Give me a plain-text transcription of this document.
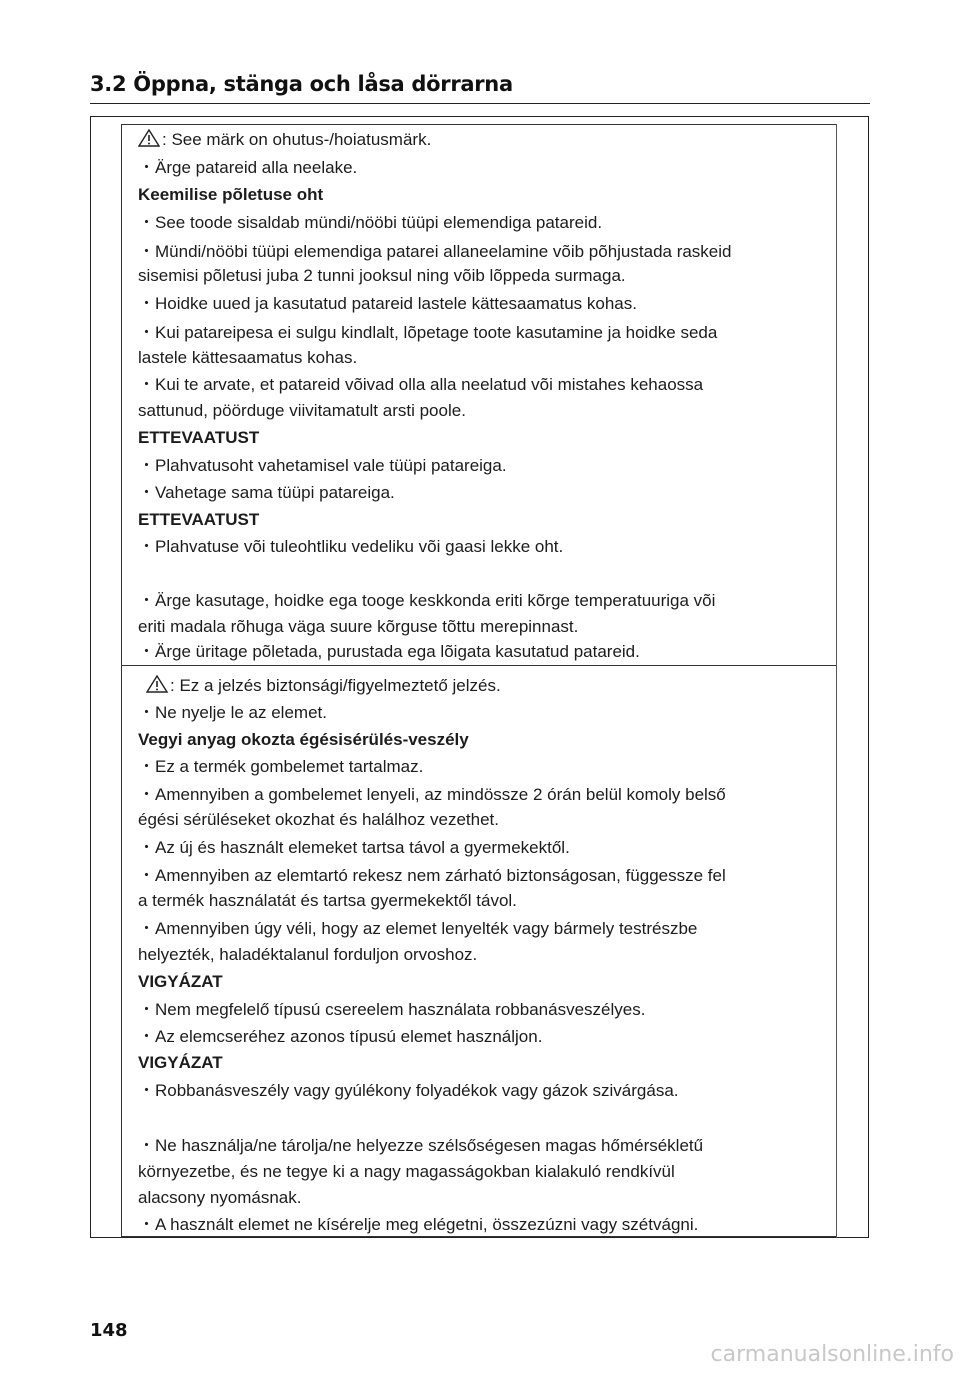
3.2 Öppna, stänga och låsa dörrarna
: See märk on ohutus-/hoiatusmärk.
・Ärge patareid alla neelake.
Keemilise põletuse oht
・See toode sisaldab mündi/nööbi tüüpi elemendiga patareid.
・Mündi/nööbi tüüpi elemendiga patarei allaneelamine võib põhjustada raskeid
sisemisi põletusi juba 2 tunni jooksul ning võib lõppeda surmaga.
・Hoidke uued ja kasutatud patareid lastele kättesaamatus kohas.
・Kui patareipesa ei sulgu kindlalt, lõpetage toote kasutamine ja hoidke seda
lastele kättesaamatus kohas.
・Kui te arvate, et patareid võivad olla alla neelatud või mistahes kehaossa
sattunud, pöörduge viivitamatult arsti poole.
ETTEVAATUST
・Plahvatusoht vahetamisel vale tüüpi patareiga.
・Vahetage sama tüüpi patareiga.
ETTEVAATUST
・Plahvatuse või tuleohtliku vedeliku või gaasi lekke oht.
・Ärge kasutage, hoidke ega tooge keskkonda eriti kõrge temperatuuriga või
eriti madala rõhuga väga suure kõrguse tõttu merepinnast.
・Ärge üritage põletada, purustada ega lõigata kasutatud patareid.
: Ez a jelzés biztonsági/figyelmeztető jelzés.
・Ne nyelje le az elemet.
Vegyi anyag okozta égésisérülés-veszély
・Ez a termék gombelemet tartalmaz.
・Amennyiben a gombelemet lenyeli, az mindössze 2 órán belül komoly belső
égési sérüléseket okozhat és halálhoz vezethet.
・Az új és használt elemeket tartsa távol a gyermekektől.
・Amennyiben az elemtartó rekesz nem zárható biztonságosan, függessze fel
a termék használatát és tartsa gyermekektől távol.
・Amennyiben úgy véli, hogy az elemet lenyelték vagy bármely testrészbe
helyezték, haladéktalanul forduljon orvoshoz.
VIGYÁZAT
・Nem megfelelő típusú csereelem használata robbanásveszélyes.
・Az elemcseréhez azonos típusú elemet használjon.
VIGYÁZAT
・Robbanásveszély vagy gyúlékony folyadékok vagy gázok szivárgása.
・Ne használja/ne tárolja/ne helyezze szélsőségesen magas hőmérsékletű
környezetbe, és ne tegye ki a nagy magasságokban kialakuló rendkívül
alacsony nyomásnak.
・A használt elemet ne kísérelje meg elégetni, összezúzni vagy szétvágni.
148
carmanualsonline.info
